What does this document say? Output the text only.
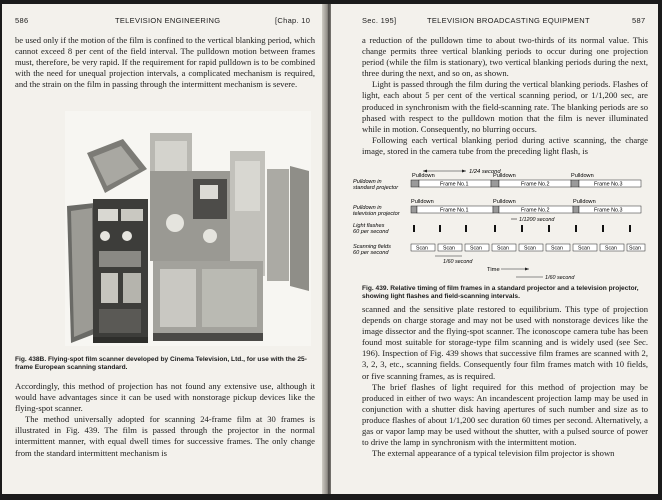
586	TELEVISION ENGINEERING	[Chap. 10

be used only if the motion of the film is confined to the vertical blanking period, which cannot exceed 8 per cent of the field interval. The pulldown motion between frames must, therefore, be very rapid. If the requirement for rapid pulldown is to be combined with the need for unequal projection intervals, a complicated mechanism is required, and the strain on the film in passing through the intermittent mechanism is severe.

Fig. 438B. Flying-spot film scanner developed by Cinema Television, Ltd., for use with the 25-frame European scanning standard.

Accordingly, this method of projection has not found any extensive use, although it would have advantages since it can be used with nonstorage pickup devices like the flying-spot scanner.

The method universally adopted for scanning 24-frame film at 30 frames is illustrated in Fig. 439. The film is passed through the projector in the normal intermittent manner, with equal dwell times for successive frames. The only change from the standard intermittent mechanism is

Sec. 195]	TELEVISION BROADCASTING EQUIPMENT	587

a reduction of the pulldown time to about two-thirds of its normal value. This change permits three vertical blanking periods to occur during one projection period (while the film is stationary), two vertical blanking periods during the next, three during the next, and so on, as shown.

Light is passed through the film during the vertical blanking periods. Flashes of light, each about 5 per cent of the vertical scanning period, or 1/1,200 sec, are produced in synchronism with the field-scanning rate. The blanking periods are so phased with respect to the pulldown motion that the film is never illuminated while in motion. Consequently, no blurring occurs.

Following each vertical blanking period during active scanning, the charge image, stored in the camera tube from the preceding light flash, is

1/24 second
Pulldown in
standard projector
Pulldown	Pulldown	Pulldown
Frame No.1	Frame No.2	Frame No.3
Pulldown in
television projector
Pulldown	Pulldown	Pulldown
Frame No.1	Frame No.2	Frame No.3
1/1200 second
Light flashes
60 per second
Scanning fields
60 per second
Scan	Scan	Scan	Scan	Scan	Scan	Scan	Scan Scan
1/60 second
Time
1/60 second
Fig. 439. Relative timing of film frames in a standard projector and a television projector, showing light flashes and field-scanning intervals.

scanned and the sensitive plate restored to equilibrium. This type of projection depends on charge storage and may not be used with nonstorage devices like the image dissector and the flying-spot scanner. The iconoscope camera tube has been found most suitable for storage-type film scanning and is widely used (see Sec. 196). Inspection of Fig. 439 shows that successive film frames are scanned with 2, 3, 2, 3, etc., scanning fields. Consequently four film frames match with 10 fields, or five scanning frames, as is required.

The brief flashes of light required for this method of projection may be produced in either of two ways: An incandescent projection lamp may be used in conjunction with a shutter disk having apertures of such number and size as to produce flashes of about 1/1,200 sec duration 60 times per second. Alternatively, a gas or vapor lamp may be used without the shutter, with a pulsed source of power to drive the lamp in synchronism with the intermittent motion.

The external appearance of a typical television film projector is shown
